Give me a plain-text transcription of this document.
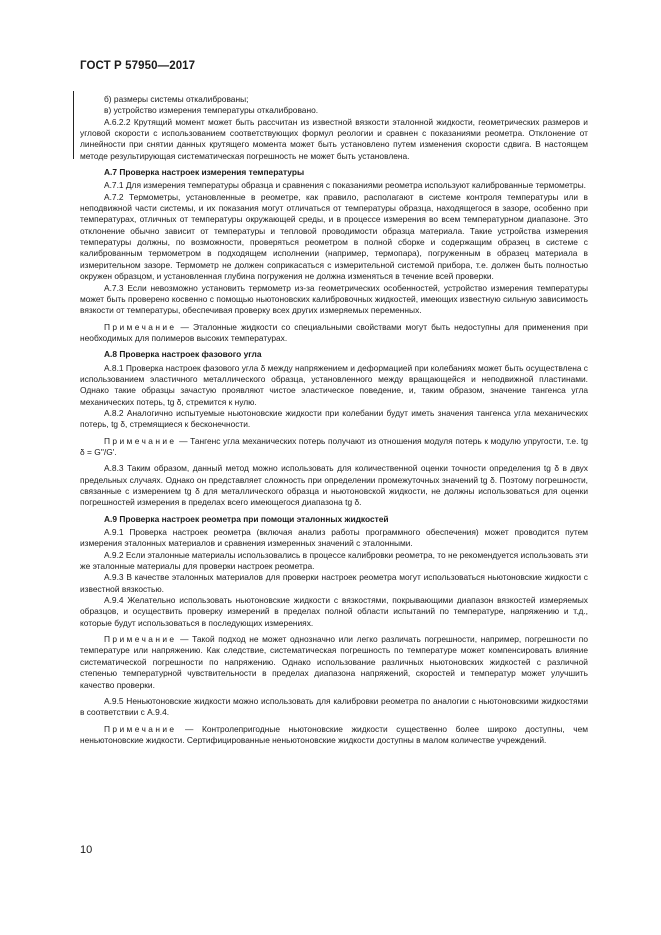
ГОСТ Р 57950—2017

б) размеры системы откалиброваны;

в) устройство измерения температуры откалибровано.

А.6.2.2 Крутящий момент может быть рассчитан из известной вязкости эталонной жидкости, геометрических размеров и угловой скорости с использованием соответствующих формул реологии и сравнен с показаниями реометра. Отклонение от линейности при снятии данных крутящего момента может быть установлено путем изменения скорости сдвига. В настоящем методе результирующая систематическая погрешность не может быть установлена.

А.7 Проверка настроек измерения температуры

А.7.1 Для измерения температуры образца и сравнения с показаниями реометра используют калиброванные термометры.

А.7.2 Термометры, установленные в реометре, как правило, располагают в системе контроля температуры или в неподвижной части системы, и их показания могут отличаться от температуры образца, находящегося в зазоре, особенно при температурах, отличных от температуры окружающей среды, и в процессе измерения во всем температурном диапазоне. Это отклонение обычно зависит от температуры и тепловой проводимости образца материала. Такие устройства измерения температуры должны, по возможности, проверяться реометром в полной сборке и содержащим образец в системе с калиброванным термометром в подходящем исполнении (например, термопара), погруженным в образец материала в измерительном зазоре. Термометр не должен соприкасаться с измерительной системой прибора, т.е. должен быть полностью окружен образцом, и установленная глубина погружения не должна изменяться в течение всей проверки.

А.7.3 Если невозможно установить термометр из-за геометрических особенностей, устройство измерения температуры может быть проверено косвенно с помощью ньютоновских калибровочных жидкостей, имеющих известную сильную зависимость вязкости от температуры, обеспечивая проверку всех других измеряемых переменных.

Примечание — Эталонные жидкости со специальными свойствами могут быть недоступны для применения при необходимых для полимеров высоких температурах.

А.8 Проверка настроек фазового угла

А.8.1 Проверка настроек фазового угла δ между напряжением и деформацией при колебаниях может быть осуществлена с использованием эластичного металлического образца, установленного между вращающейся и неподвижной пластинами. Однако такие образцы зачастую проявляют чистое эластическое поведение, и, таким образом, значение тангенса угла механических потерь, tg δ, стремится к нулю.

А.8.2 Аналогично испытуемые ньютоновские жидкости при колебании будут иметь значения тангенса угла механических потерь, tg δ, стремящиеся к бесконечности.

Примечание — Тангенс угла механических потерь получают из отношения модуля потерь к модулю упругости, т.е. tg δ = G''/G'.

А.8.3 Таким образом, данный метод можно использовать для количественной оценки точности определения tg δ в двух предельных случаях. Однако он представляет сложность при определении промежуточных значений tg δ. Поэтому погрешности, связанные с измерением tg δ для металлического образца и ньютоновской жидкости, не должны использоваться для оценки погрешностей измерения в пределах всего имеющегося диапазона tg δ.

А.9 Проверка настроек реометра при помощи эталонных жидкостей

А.9.1 Проверка настроек реометра (включая анализ работы программного обеспечения) может проводится путем измерения эталонных материалов и сравнения измеренных значений с эталонными.

А.9.2 Если эталонные материалы использовались в процессе калибровки реометра, то не рекомендуется использовать эти же эталонные материалы для проверки настроек реометра.

А.9.3 В качестве эталонных материалов для проверки настроек реометра могут использоваться ньютоновские жидкости с известной вязкостью.

А.9.4 Желательно использовать ньютоновские жидкости с вязкостями, покрывающими диапазон вязкостей измеряемых образцов, и осуществить проверку измерений в пределах полной области испытаний по температуре, напряжению и т.д., которые будут использоваться в последующих измерениях.

Примечание — Такой подход не может однозначно или легко различать погрешности, например, погрешности по температуре или напряжению. Как следствие, систематическая погрешность по температуре может компенсировать влияние систематической погрешности по напряжению. Однако использование различных ньютоновских жидкостей с различной степенью температурной чувствительности в пределах диапазона напряжений, скоростей и температур может улучшить качество проверки.

А.9.5 Неньютоновские жидкости можно использовать для калибровки реометра по аналогии с ньютоновскими жидкостями в соответствии с А.9.4.

Примечание — Контролепригодные ньютоновские жидкости существенно более широко доступны, чем неньютоновские жидкости. Сертифицированные неньютоновские жидкости доступны в малом количестве учреждений.

10
